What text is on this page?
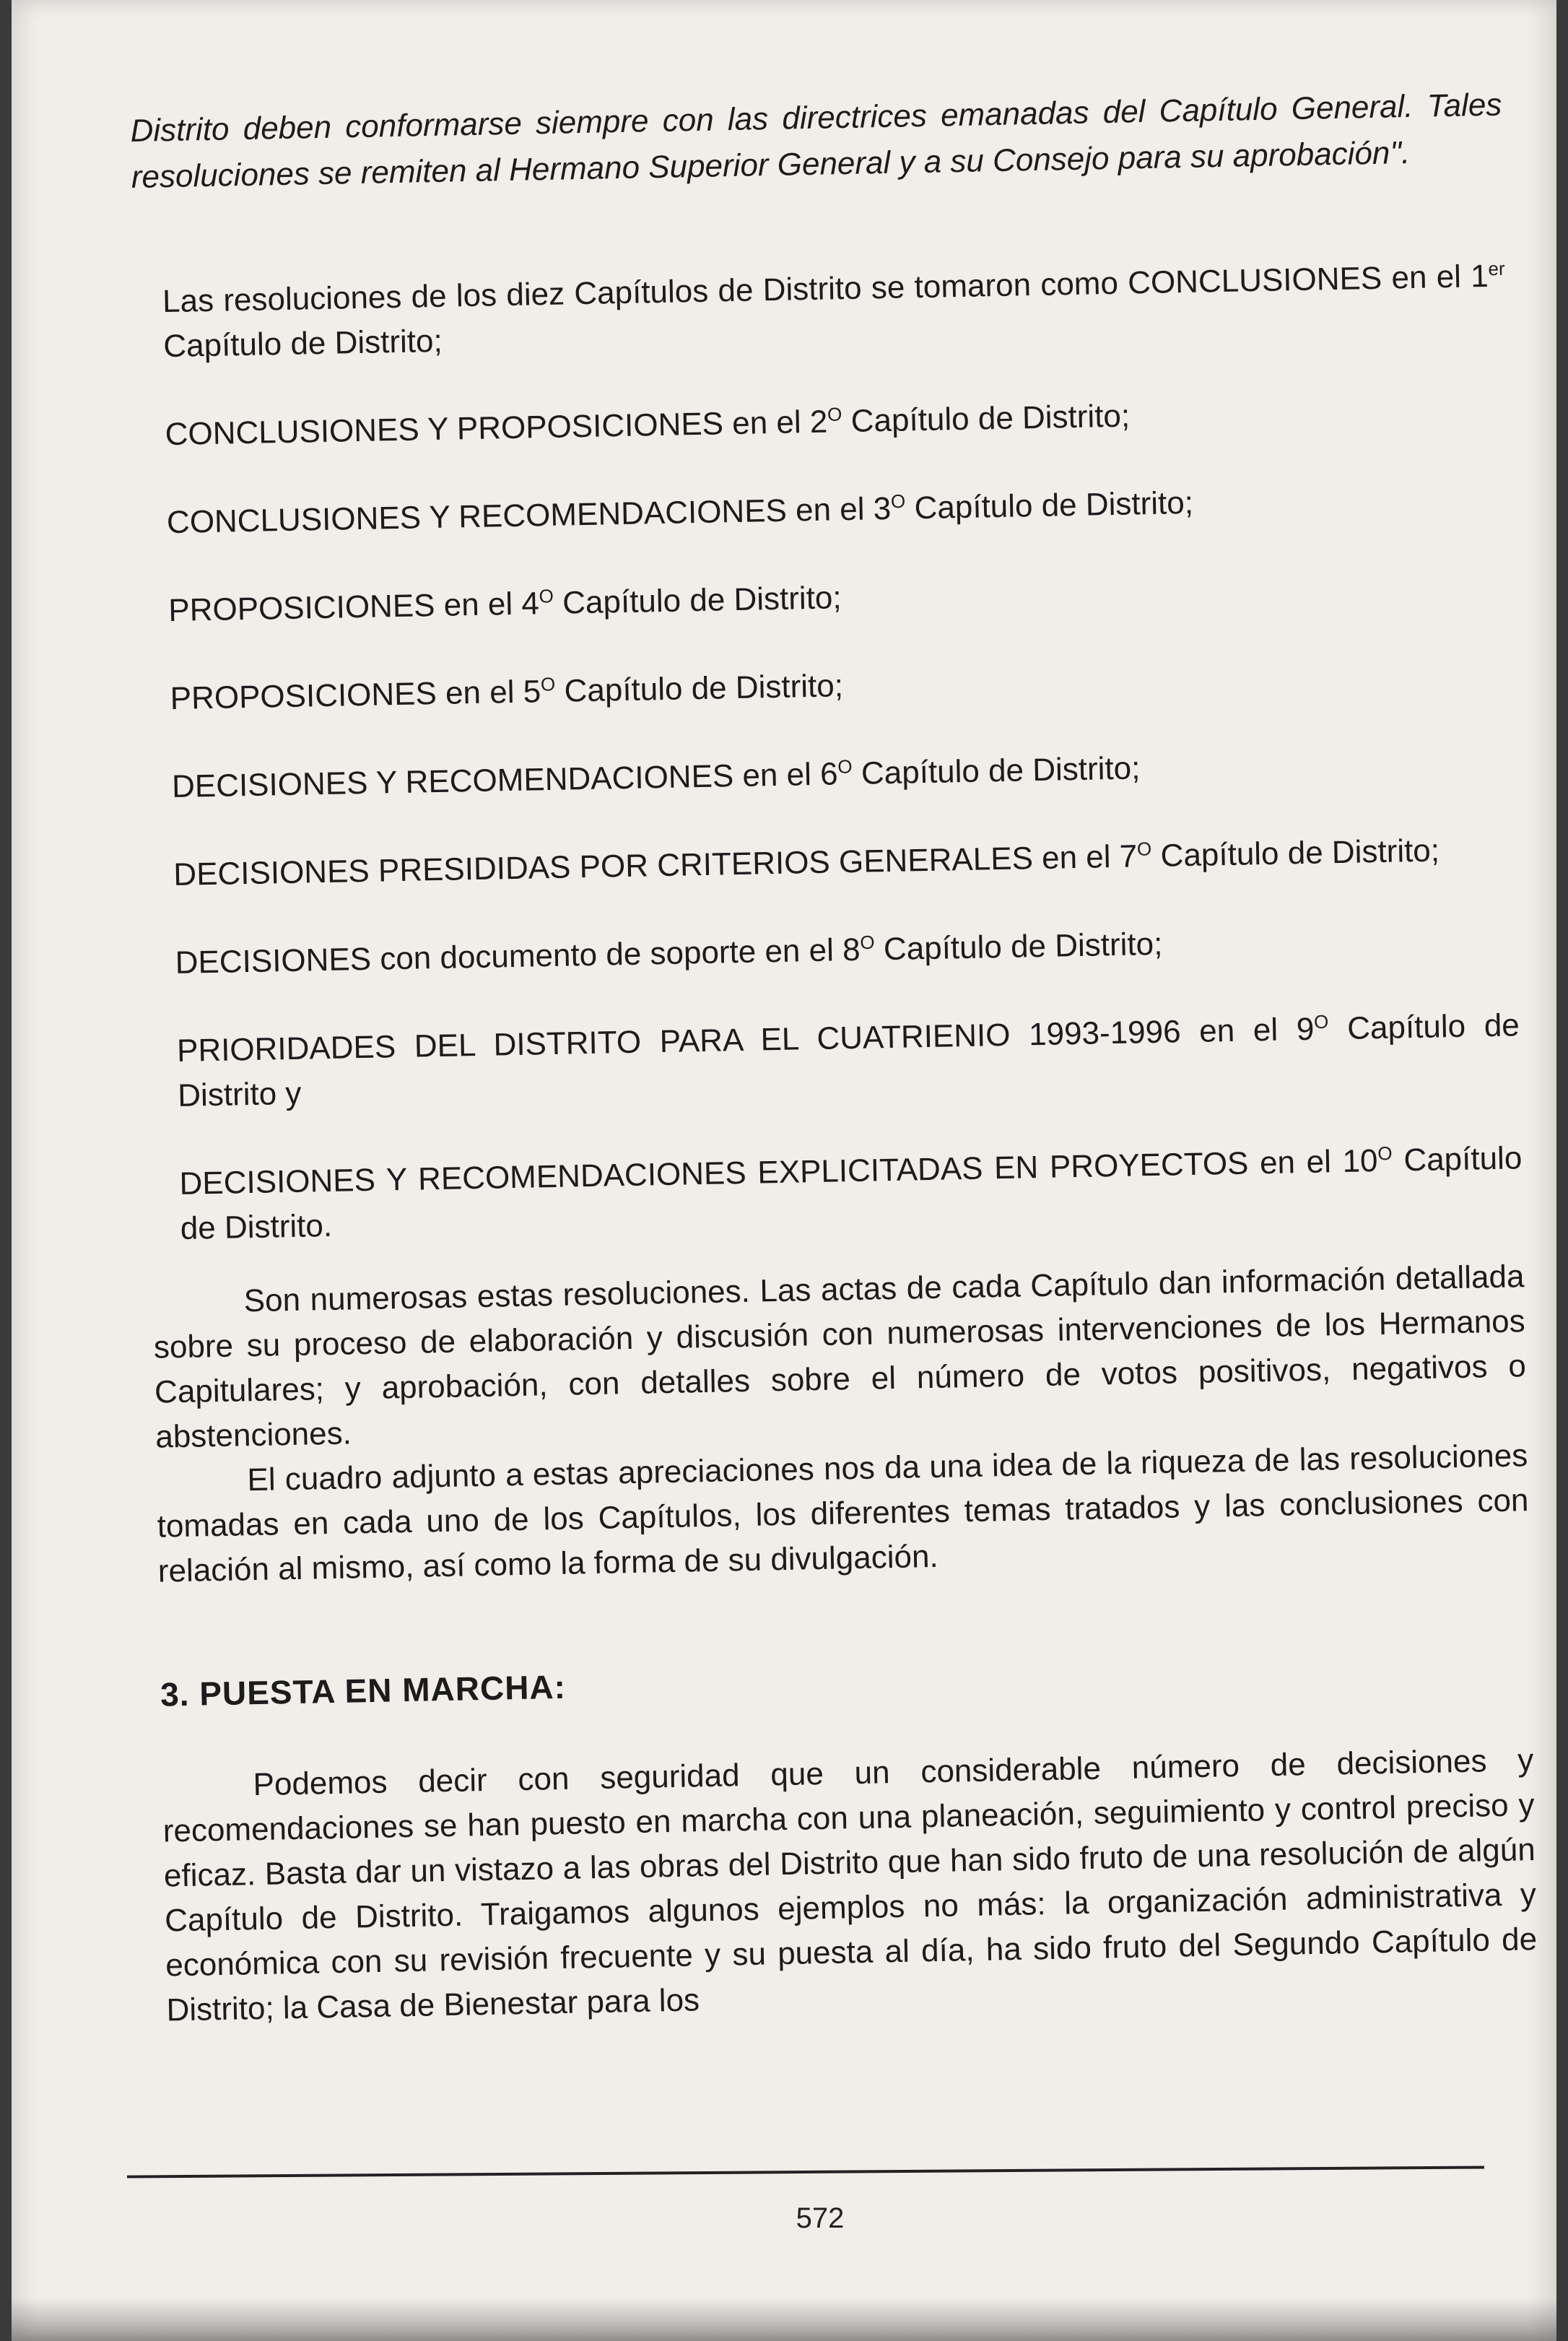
Distrito deben conformarse siempre con las directrices emanadas del Capítulo General. Tales resoluciones se remiten al Hermano Superior General y a su Consejo para su aprobación".

Las resoluciones de los diez Capítulos de Distrito se tomaron como CONCLUSIONES en el 1er Capítulo de Distrito;

CONCLUSIONES Y PROPOSICIONES en el $2^O$ Capítulo de Distrito;

CONCLUSIONES Y RECOMENDACIONES en el $3^O$ Capítulo de Distrito;

PROPOSICIONES en el $4^O$ Capítulo de Distrito;

PROPOSICIONES en el $5^O$ Capítulo de Distrito;

DECISIONES Y RECOMENDACIONES en el $6^O$ Capítulo de Distrito;

DECISIONES PRESIDIDAS POR CRITERIOS GENERALES en el $7^O$ Capítulo de Distrito;

DECISIONES con documento de soporte en el $8^O$ Capítulo de Distrito;

PRIORIDADES DEL DISTRITO PARA EL CUATRIENIO 1993-1996 en el $9^O$ Capítulo de Distrito y

DECISIONES Y RECOMENDACIONES EXPLICITADAS EN PROYECTOS en el $10^O$ Capítulo de Distrito.

Son numerosas estas resoluciones. Las actas de cada Capítulo dan información detallada sobre su proceso de elaboración y discusión con numerosas intervenciones de los Hermanos Capitulares; y aprobación, con detalles sobre el número de votos positivos, negativos o abstenciones.

El cuadro adjunto a estas apreciaciones nos da una idea de la riqueza de las resoluciones tomadas en cada uno de los Capítulos, los diferentes temas tratados y las conclusiones con relación al mismo, así como la forma de su divulgación.

3. PUESTA EN MARCHA:

Podemos decir con seguridad que un considerable número de decisiones y recomendaciones se han puesto en marcha con una planeación, seguimiento y control preciso y eficaz. Basta dar un vistazo a las obras del Distrito que han sido fruto de una resolución de algún Capítulo de Distrito. Traigamos algunos ejemplos no más: la organización administrativa y económica con su revisión frecuente y su puesta al día, ha sido fruto del Segundo Capítulo de Distrito; la Casa de Bienestar para los

572
